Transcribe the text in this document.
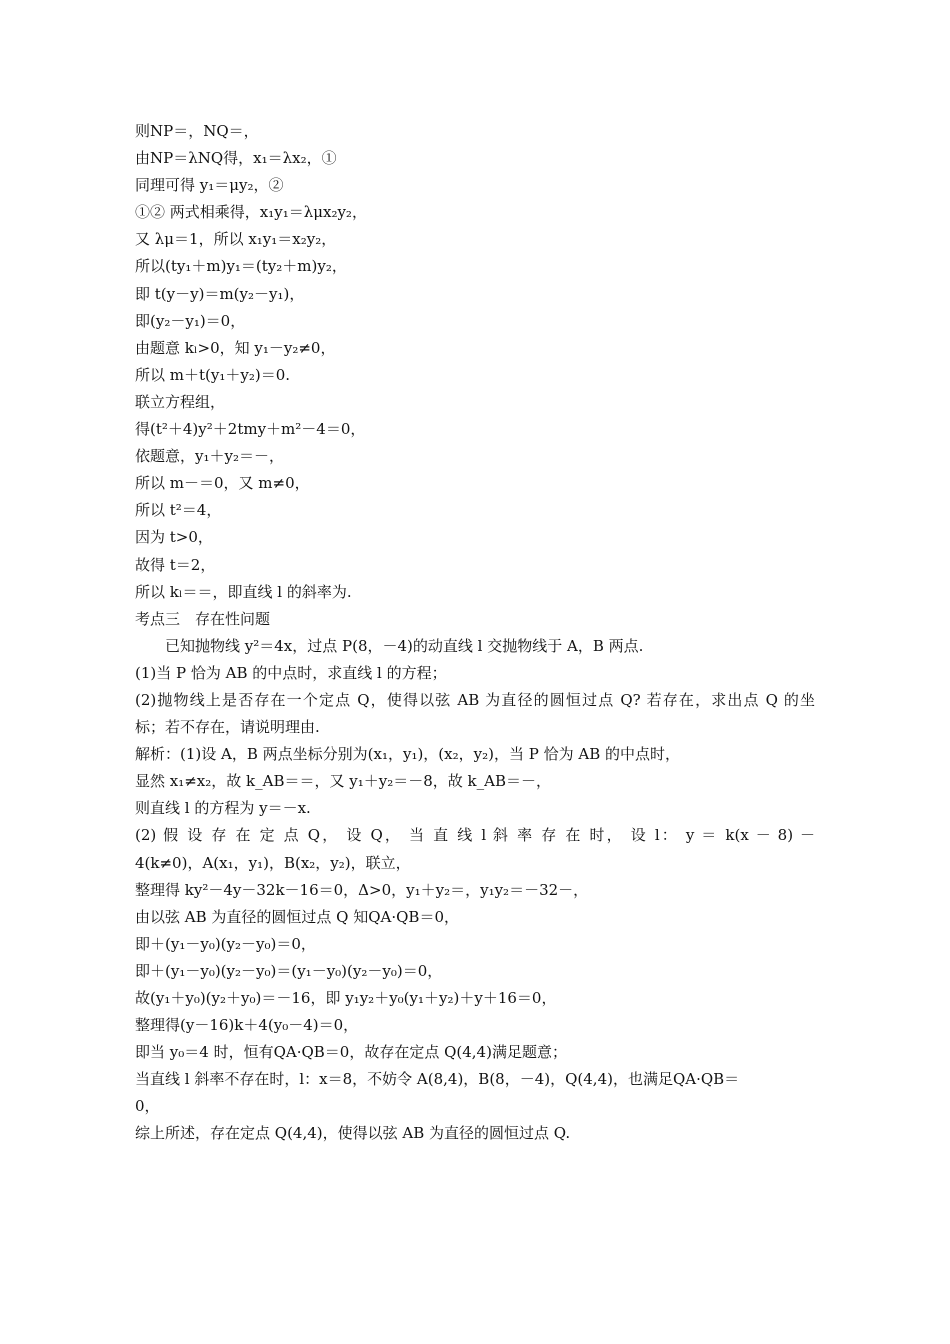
则NP＝，NQ＝，
由NP＝λNQ得，x₁＝λx₂，①
同理可得 y₁＝μy₂，②
①② 两式相乘得，x₁y₁＝λμx₂y₂，
又 λμ＝1，所以 x₁y₁＝x₂y₂，
所以(ty₁＋m)y₁＝(ty₂＋m)y₂，
即 t(y－y)＝m(y₂－y₁)，
即(y₂－y₁)＝0，
由题意 kₗ>0，知 y₁－y₂≠0，
所以 m＋t(y₁＋y₂)＝0.
联立方程组，
得(t²＋4)y²＋2tmy＋m²－4＝0，
依题意，y₁＋y₂＝－，
所以 m－＝0，又 m≠0，
所以 t²＝4，
因为 t>0，
故得 t＝2，
所以 kₗ＝＝，即直线 l 的斜率为.
考点三　存在性问题
已知抛物线 y²＝4x，过点 P(8，－4)的动直线 l 交抛物线于 A，B 两点.
(1)当 P 恰为 AB 的中点时，求直线 l 的方程；
(2)抛物线上是否存在一个定点 Q，使得以弦 AB 为直径的圆恒过点 Q? 若存在，求出点 Q 的坐
标；若不存在，请说明理由.
解析：(1)设 A，B 两点坐标分别为(x₁，y₁)，(x₂，y₂)，当 P 恰为 AB 的中点时，
显然 x₁≠x₂，故 k_AB＝＝，又 y₁＋y₂＝－8，故 k_AB＝－，
则直线 l 的方程为 y＝－x.
(2) 假 设 存 在 定 点 Q， 设 Q， 当 直 线 l 斜 率 存 在 时， 设 l： y ＝ k(x － 8) －
4(k≠0)，A(x₁，y₁)，B(x₂，y₂)，联立，
整理得 ky²－4y－32k－16＝0，Δ>0，y₁＋y₂＝，y₁y₂＝－32－，
由以弦 AB 为直径的圆恒过点 Q 知QA·QB＝0，
即＋(y₁－y₀)(y₂－y₀)＝0，
即＋(y₁－y₀)(y₂－y₀)＝(y₁－y₀)(y₂－y₀)＝0，
故(y₁＋y₀)(y₂＋y₀)＝－16，即 y₁y₂＋y₀(y₁＋y₂)＋y＋16＝0，
整理得(y－16)k＋4(y₀－4)＝0，
即当 y₀＝4 时，恒有QA·QB＝0，故存在定点 Q(4,4)满足题意；
当直线 l 斜率不存在时，l：x＝8，不妨令 A(8,4)，B(8，－4)，Q(4,4)，也满足QA·QB＝
0，
综上所述，存在定点 Q(4,4)，使得以弦 AB 为直径的圆恒过点 Q.
